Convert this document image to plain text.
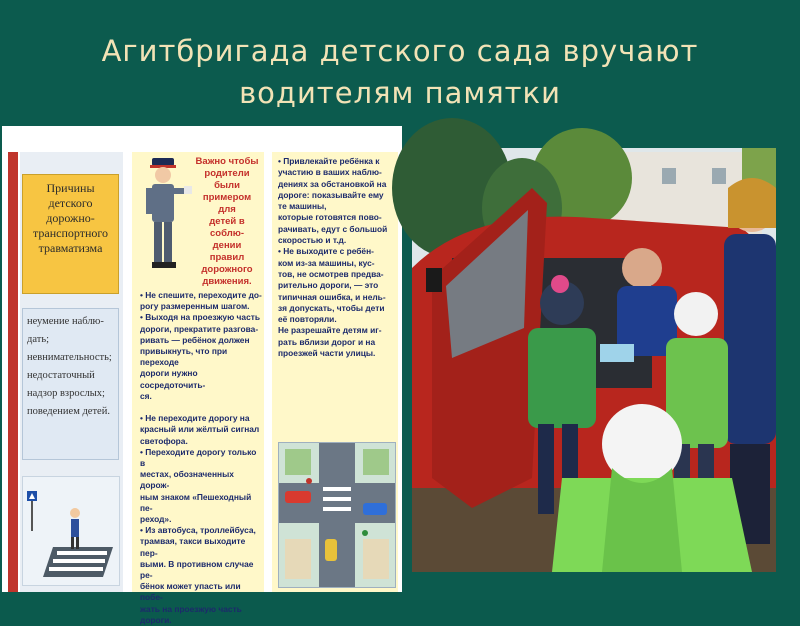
Агитбригада детского сада вручают
водителям памятки
Причины детского дорожно-транспортного травматизма
неумение наблю-
дать;
невнимательность;
недостаточный надзор взрослых;
поведением детей.
Важно чтобы
родители были
примером для
детей в соблю-
дении правил
дорожного
движения.
• Не спешите, переходите до-
рогу размеренным шагом.
• Выходя на проезжую часть
дороги, прекратите разгова-
ривать — ребёнок должен
привыкнуть, что при переходе
дороги нужно сосредоточить-
ся.

• Не переходите дорогу на
красный или жёлтый сигнал
светофора.
• Переходите дорогу только в
местах, обозначенных дорож-
ным знаком «Пешеходный пе-
реход».
• Из автобуса, троллейбуса,
трамвая, такси выходите пер-
выми. В противном случае ре-
бёнок может упасть или побе-
жать на проезжую часть
дороги.
• Привлекайте ребёнка к
участию в ваших наблю-
дениях за обстановкой на
дороге: показывайте ему
те машины,
которые готовятся пово-
рачивать, едут с большой
скоростью и т.д.
• Не выходите с ребён-
ком из-за машины, кус-
тов, не осмотрев предва-
рительно дороги, — это
типичная ошибка, и нель-
зя допускать, чтобы дети
её повторяли.
Не разрешайте детям иг-
рать вблизи дорог и на
проезжей части улицы.
